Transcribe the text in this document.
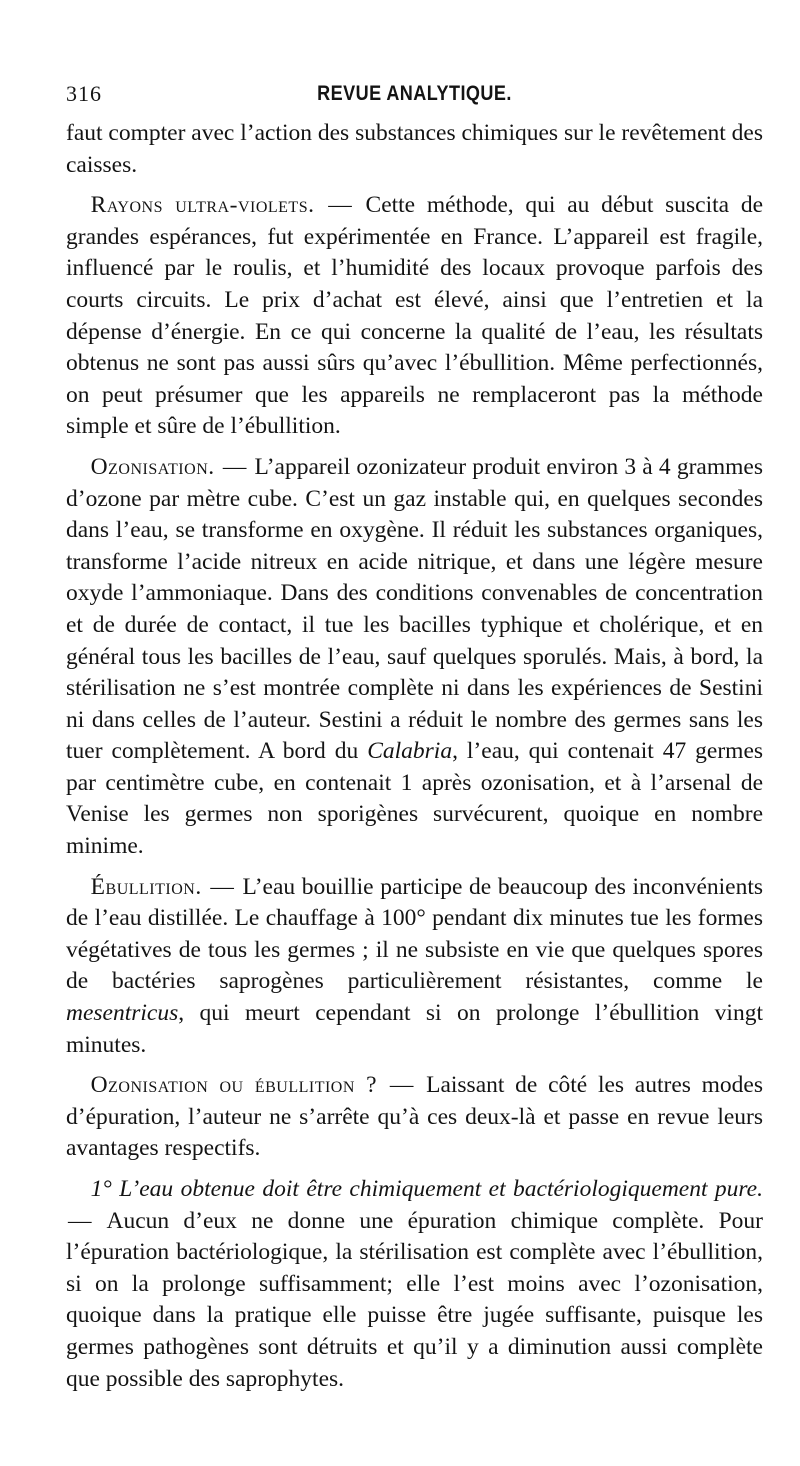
316	REVUE ANALYTIQUE.

faut compter avec l’action des substances chimiques sur le revêtement des caisses.

Rayons ultra-violets. — Cette méthode, qui au début suscita de grandes espérances, fut expérimentée en France. L’appareil est fragile, influencé par le roulis, et l’humidité des locaux provoque parfois des courts circuits. Le prix d’achat est élevé, ainsi que l’entretien et la dépense d’énergie. En ce qui concerne la qualité de l’eau, les résultats obtenus ne sont pas aussi sûrs qu’avec l’ébullition. Même perfectionnés, on peut présumer que les appareils ne remplaceront pas la méthode simple et sûre de l’ébullition.

Ozonisation. — L’appareil ozonizateur produit environ 3 à 4 grammes d’ozone par mètre cube. C’est un gaz instable qui, en quelques secondes dans l’eau, se transforme en oxygène. Il réduit les substances organiques, transforme l’acide nitreux en acide nitrique, et dans une légère mesure oxyde l’ammoniaque. Dans des conditions convenables de concentration et de durée de contact, il tue les bacilles typhique et cholérique, et en général tous les bacilles de l’eau, sauf quelques sporulés. Mais, à bord, la stérilisation ne s’est montrée complète ni dans les expériences de Sestini ni dans celles de l’auteur. Sestini a réduit le nombre des germes sans les tuer complètement. A bord du Calabria, l’eau, qui contenait 47 germes par centimètre cube, en contenait 1 après ozonisation, et à l’arsenal de Venise les germes non sporigènes survécurent, quoique en nombre minime.

Ébullition. — L’eau bouillie participe de beaucoup des inconvénients de l’eau distillée. Le chauffage à 100° pendant dix minutes tue les formes végétatives de tous les germes ; il ne subsiste en vie que quelques spores de bactéries saprogènes particulièrement résistantes, comme le mesentricus, qui meurt cependant si on prolonge l’ébullition vingt minutes.

Ozonisation ou ébullition ? — Laissant de côté les autres modes d’épuration, l’auteur ne s’arrête qu’à ces deux-là et passe en revue leurs avantages respectifs.

1° L’eau obtenue doit être chimiquement et bactériologiquement pure.— Aucun d’eux ne donne une épuration chimique complète. Pour l’épuration bactériologique, la stérilisation est complète avec l’ébullition, si on la prolonge suffisamment; elle l’est moins avec l’ozonisation, quoique dans la pratique elle puisse être jugée suffisante, puisque les germes pathogènes sont détruits et qu’il y a diminution aussi complète que possible des saprophytes.
